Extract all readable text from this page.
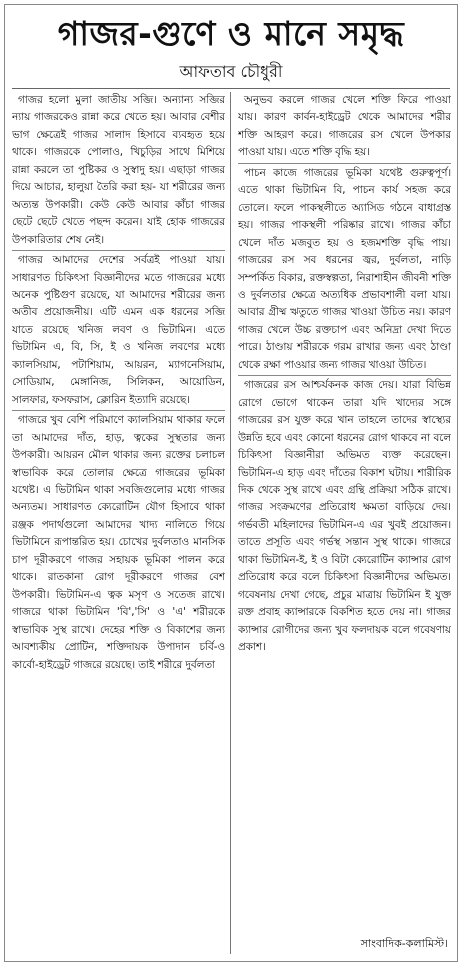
গাজর-গুণে ও মানে সমৃদ্ধ
আফতাব চৌধুরী

গাজর হলো মুলা জাতীয় সব্জি। অন্যান্য সব্জির ন্যায় গাজরকেও রান্না করে খেতে হয়। আবার বেশীর ভাগ ক্ষেত্রেই গাজর সালাদ হিসাবে ব্যবহৃত হয়ে থাকে। গাজরকে পোলাও, খিচুড়ির সাথে মিশিয়ে রান্না করলে তা পুষ্টিকর ও সুস্বাদু হয়। এছাড়া গাজর দিয়ে আচার, হালুয়া তৈরি করা হয়- যা শরীরের জন্য অত্যন্ত উপকারী। কেউ কেউ আবার কাঁচা গাজর ছেটে ছেটে খেতে পছন্দ করেন। যাই হোক গাজরের উপকারিতার শেষ নেই।

গাজর আমাদের দেশের সর্বত্রই পাওয়া যায়। সাধারণত চিকিৎসা বিজ্ঞানীদের মতে গাজরের মধ্যে অনেক পুষ্টিগুণ রয়েছে, যা আমাদের শরীরের জন্য অতীব প্রয়োজনীয়। এটি এমন এক ধরনের সব্জি যাতে রয়েছে খনিজ লবণ ও ভিটামিন। এতে ভিটামিন এ, বি, সি, ই ও খনিজ লবণের মধ্যে ক্যালসিয়াম, পটাশিয়াম, আয়রন, ম্যাগনেসিয়াম, সোডিয়াম, মেঙ্গানিজ, সিলিকন, আয়োডিন, সালফার, ফসফরাস, ক্লোরিন ইত্যাদি রয়েছে।

গাজরে খুব বেশি পরিমাণে ক্যালসিয়াম থাকার ফলে তা আমাদের দাঁত, হাড়, ত্বকের সুস্থতার জন্য উপকারী। আয়রন মৌল থাকার জন্য রক্তের চলাচল স্বাভাবিক করে তোলার ক্ষেত্রে গাজরের ভূমিকা যথেষ্ট। এ ভিটামিন থাকা সবজিগুলোর মধ্যে গাজর অন্যতম। সাধারণত ক্যেরোটিন যৌগ হিসাবে থাকা রঞ্জক পদার্থগুলো আমাদের খাদ্য নালিতে গিয়ে ভিটামিনে রূপান্তরিত হয়। চোখের দুর্বলতাও মানসিক চাপ দূরীকরণে গাজর সহায়ক ভূমিকা পালন করে থাকে। রাতকানা রোগ দূরীকরণে গাজর বেশ উপকারী। ভিটামিন-এ ত্বক মসৃণ ও সতেজ রাখে। গাজরে থাকা ভিটামিন 'বি','সি' ও 'এ' শরীরকে স্বাভাবিক সুস্থ রাখে। দেহের শক্তি ও বিকাশের জন্য আবশ্যকীয় প্রোটিন, শক্তিদায়ক উপাদান চর্বি-ও কার্বো-হাইড্রেট গাজরে রয়েছে। তাই শরীরে দুর্বলতা

অনুভব করলে গাজর খেলে শক্তি ফিরে পাওয়া যায়। কারণ কার্বন-হাইড্রেট থেকে আমাদের শরীর শক্তি আহরণ করে। গাজরের রস খেলে উপকার পাওয়া যায়। এতে শক্তি বৃদ্ধি হয়।

পাচন কাজে গাজরের ভূমিকা যথেষ্ট গুরুত্বপূর্ণ। এতে থাকা ভিটামিন বি, পাচন কার্য সহজ করে তোলে। ফলে পাকস্থলীতে অ্যাসিড গঠনে বাধাগ্রস্ত হয়। গাজর পাকস্থলী পরিষ্কার রাখে। গাজর কাঁচা খেলে দাঁত মজবুত হয় ও হজমশক্তি বৃদ্ধি পায়। গাজরের রস সব ধরনের জ্বর, দুর্বলতা, নাড়ি সম্পর্কিত বিকার, রক্তস্বল্পতা, নিরাশাহীন জীবনী শক্তি ও দুর্বলতার ক্ষেত্রে অত্যধিক প্রভাবশালী বলা যায়। আবার গ্রীষ্ম ঋতুতে গাজর খাওয়া উচিত নয়। কারণ গাজর খেলে উচ্চ রক্তচাপ এবং অনিদ্রা দেখা দিতে পারে। ঠাণ্ডায় শরীরকে গরম রাখার জন্য এবং ঠাণ্ডা থেকে রক্ষা পাওয়ার জন্য গাজর খাওয়া উচিত।

গাজরের রস আশ্চর্যকনক কাজ দেয়। যারা বিভিন্ন রোগে ভোগে থাকেন তারা যদি খাদ্যের সঙ্গে গাজরের রস যুক্ত করে খান তাহলে তাদের স্বাস্থ্যের উন্নতি হবে এবং কোনো ধরনের রোগ থাকবে না বলে চিকিৎসা বিজ্ঞানীরা অভিমত ব্যক্ত করেছেন। ভিটামিন-এ হাড় এবং দাঁতের বিকাশ ঘটায়। শারীরিক দিক থেকে সুস্থ রাখে এবং গ্রন্থি প্রক্রিয়া সঠিক রাখে। গাজর সংক্রমণের প্রতিরোধ ক্ষমতা বাড়িয়ে দেয়। গর্ভবতী মহিলাদের ভিটামিন-এ এর খুবই প্রয়োজন। তাতে প্রসূতি এবং গর্ভস্থ সন্তান সুস্থ থাকে। গাজরে থাকা ভিটামিন-ই, ই ও বিটা ক্যেরোটিন ক্যান্সার রোগ প্রতিরোধ করে বলে চিকিৎসা বিজ্ঞানীদের অভিমত। গবেষনায় দেখা গেছে, প্রচুর মাত্রায় ভিটামিন ই যুক্ত রক্ত প্রবাহ ক্যান্সারকে বিকশিত হতে দেয় না। গাজর ক্যান্সার রোগীদের জন্য খুব ফলদায়ক বলে গবেষণায় প্রকাশ।

সাংবাদিক-কলামিস্ট।
